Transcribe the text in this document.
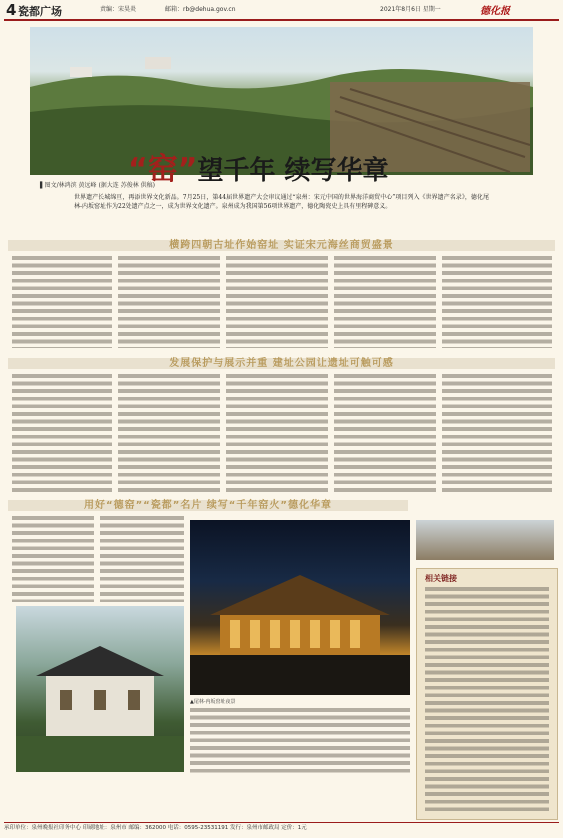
4 瓷都广场	责编：宋昊炎	邮箱：rb@dehua.gov.cn	2021年8月6日 星期一	德化报
“窑”望千年 续写华章
▌图文/林鸿滨 黄远峰 (据大连 苏俊林 供稿)
世界遗产长城绵亘，再添世界文化新品。7月25日，第44届世界遗产大会审议通过“泉州：宋元中国的世界海洋商贸中心”项目列入《世界遗产名录》，德化尾林-内坂窑址作为22处遗产点之一，成为世界文化遗产。泉州成为我国第56项世界遗产，德化陶瓷史上具有里程碑意义。
横跨四朝古址作始窑址 实证宋元海丝商贸盛景
发展保护与展示并重 建址公园让遗址可触可感
用好“德窑”“瓷都”名片 续写“千年窑火”德化华章
▲尾林-内坂窑址夜景
相关链接
承印单位：泉州晚报社印务中心 印刷地址：泉州市 邮编：362000 电话：0595-23531191 发行：泉州市邮政局 定价：1元
